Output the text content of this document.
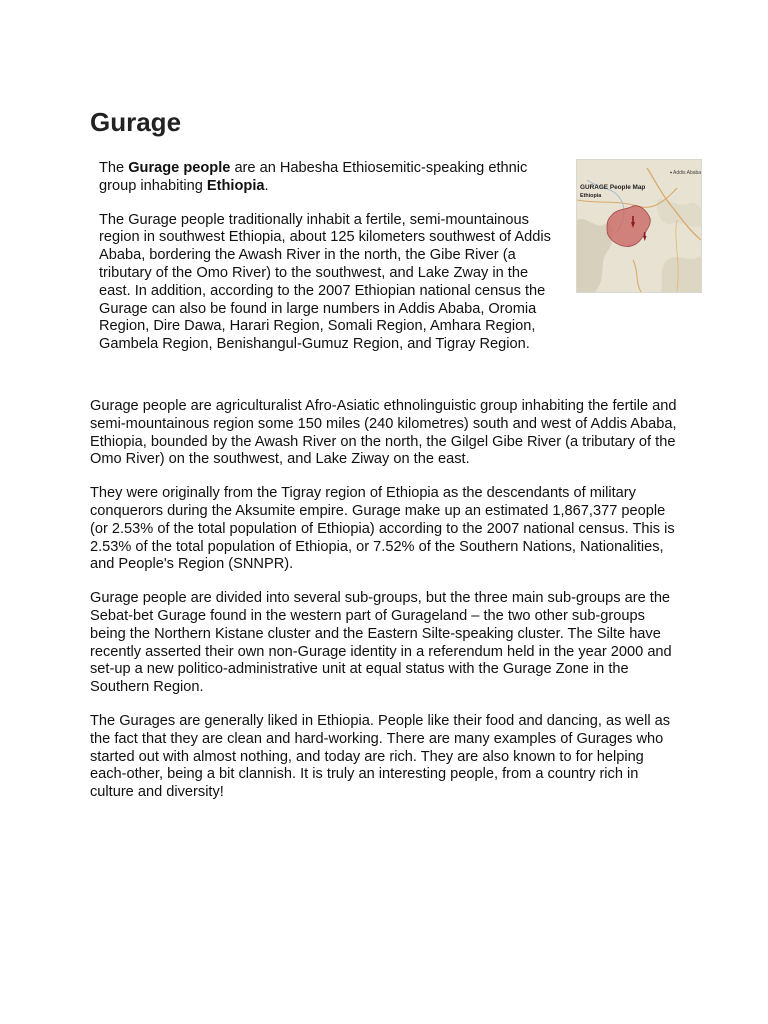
Gurage

The Gurage people are an Habesha Ethiosemitic-speaking ethnic group inhabiting Ethiopia.

The Gurage people traditionally inhabit a fertile, semi-mountainous region in southwest Ethiopia, about 125 kilometers southwest of Addis Ababa, bordering the Awash River in the north, the Gibe River (a tributary of the Omo River) to the southwest, and Lake Zway in the east. In addition, according to the 2007 Ethiopian national census the Gurage can also be found in large numbers in Addis Ababa, Oromia Region, Dire Dawa, Harari Region, Somali Region, Amhara Region, Gambela Region, Benishangul-Gumuz Region, and Tigray Region.

Addis Ababa
GURAGE People Map
Ethiopia

Gurage people are agriculturalist Afro-Asiatic ethnolinguistic group inhabiting the fertile and semi-mountainous region some 150 miles (240 kilometres) south and west of Addis Ababa, Ethiopia, bounded by the Awash River on the north, the Gilgel Gibe River (a tributary of the Omo River) on the southwest, and Lake Ziway on the east.

They were originally from the Tigray region of Ethiopia as the descendants of military conquerors during the Aksumite empire. Gurage make up an estimated 1,867,377 people (or 2.53% of the total population of Ethiopia) according to the 2007 national census. This is 2.53% of the total population of Ethiopia, or 7.52% of the Southern Nations, Nationalities, and People's Region (SNNPR).

Gurage people are divided into several sub-groups, but the three main sub-groups are the Sebat-bet Gurage found in the western part of Gurageland – the two other sub-groups being the Northern Kistane cluster and the Eastern Silte-speaking cluster. The Silte have recently asserted their own non-Gurage identity in a referendum held in the year 2000 and set-up a new politico-administrative unit at equal status with the Gurage Zone in the Southern Region.

The Gurages are generally liked in Ethiopia. People like their food and dancing, as well as the fact that they are clean and hard-working. There are many examples of Gurages who started out with almost nothing, and today are rich. They are also known to for helping each-other, being a bit clannish. It is truly an interesting people, from a country rich in culture and diversity!
